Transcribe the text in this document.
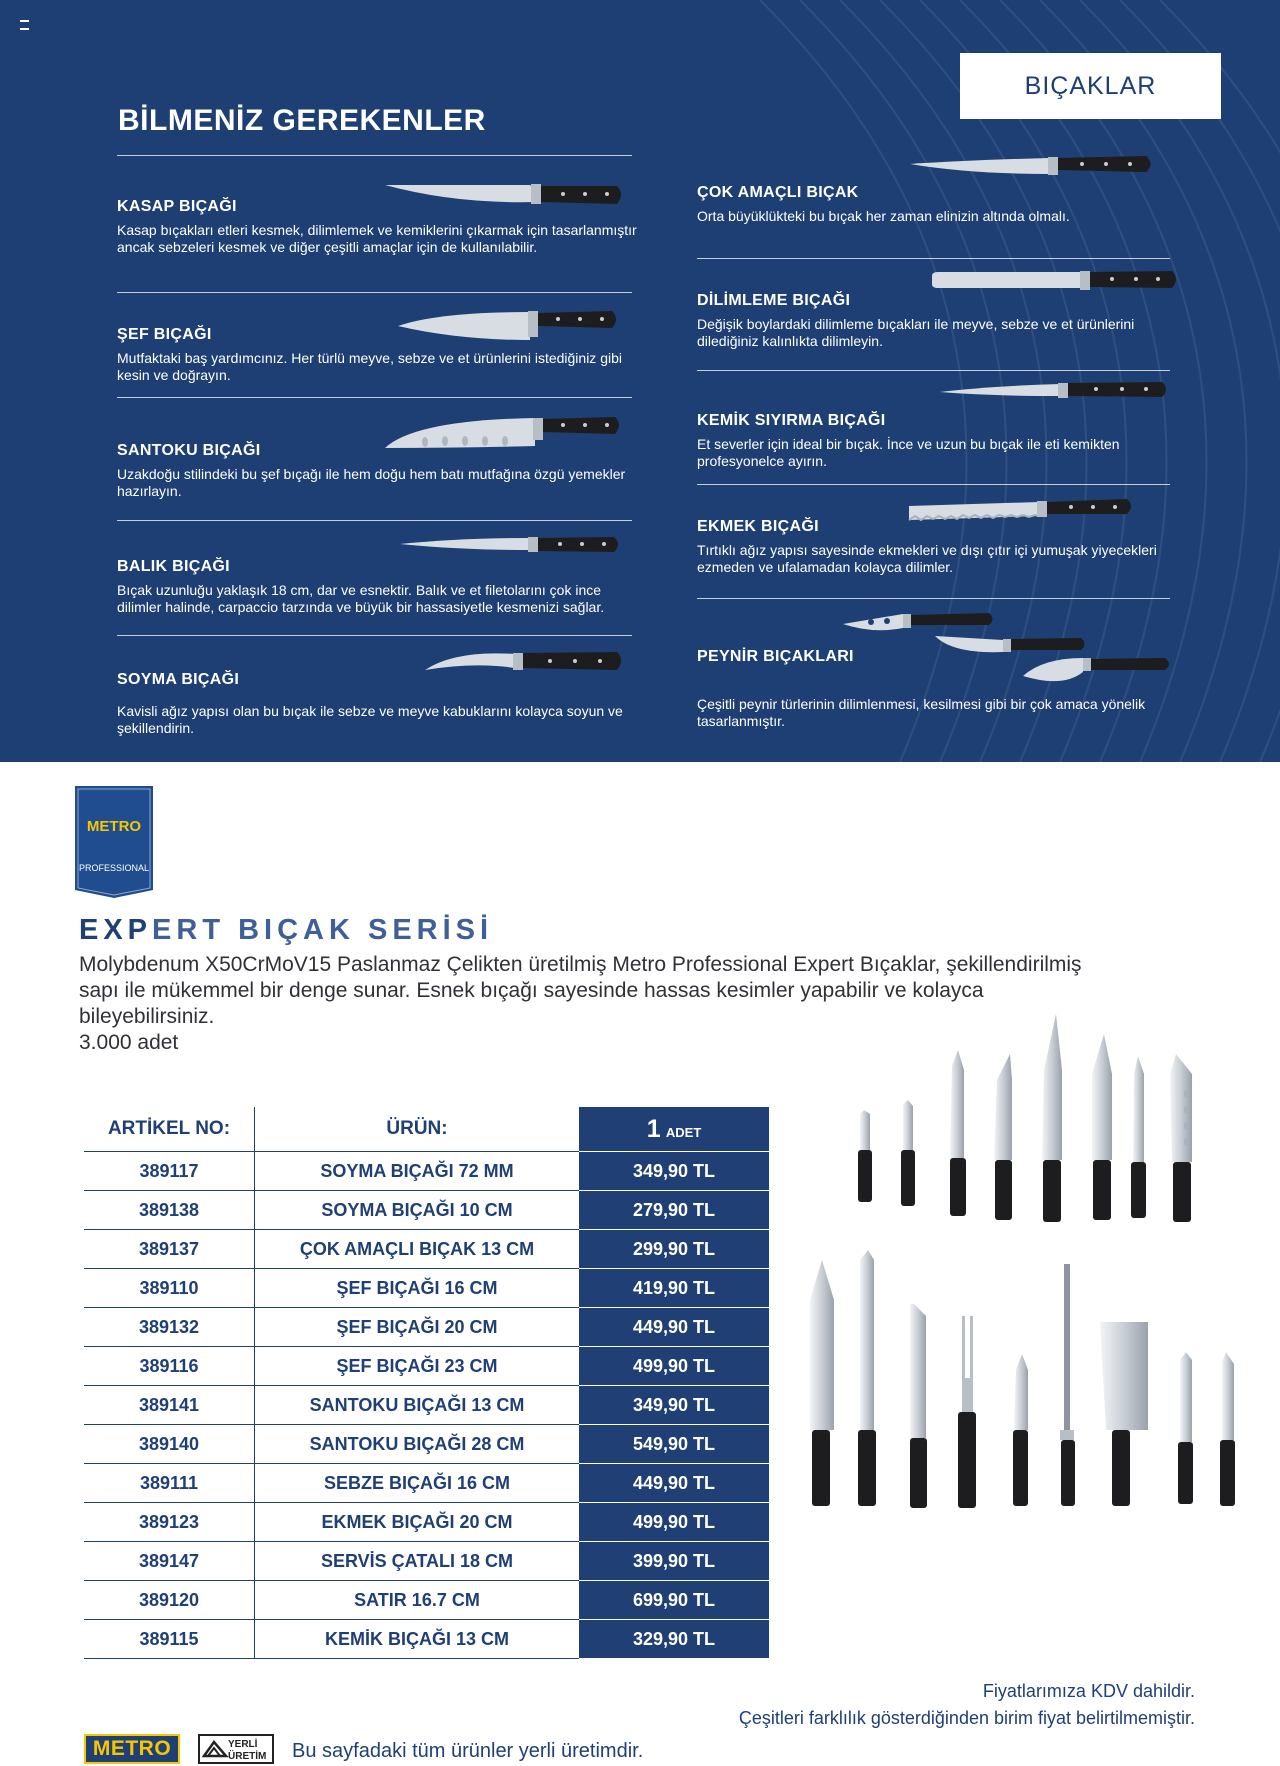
BIÇAKLAR
BİLMENİZ GEREKENLER
KASAP BIÇAĞI
Kasap bıçakları etleri kesmek, dilimlemek ve kemiklerini çıkarmak için tasarlanmıştır ancak sebzeleri kesmek ve diğer çeşitli amaçlar için de kullanılabilir.
ŞEF BIÇAĞI
Mutfaktaki baş yardımcınız. Her türlü meyve, sebze ve et ürünlerini istediğiniz gibi kesin ve doğrayın.
SANTOKU BIÇAĞI
Uzakdoğu stilindeki bu şef bıçağı ile hem doğu hem batı mutfağına özgü yemekler hazırlayın.
BALIK BIÇAĞI
Bıçak uzunluğu yaklaşık 18 cm, dar ve esnektir. Balık ve et filetolarını çok ince dilimler halinde, carpaccio tarzında ve büyük bir hassasiyetle kesmenizi sağlar.
SOYMA BIÇAĞI
Kavisli ağız yapısı olan bu bıçak ile sebze ve meyve kabuklarını kolayca soyun ve şekillendirin.
ÇOK AMAÇLI BIÇAK
Orta büyüklükteki bu bıçak her zaman elinizin altında olmalı.
DİLİMLEME BIÇAĞI
Değişik boylardaki dilimleme bıçakları ile meyve, sebze ve et ürünlerini dilediğiniz kalınlıkta dilimleyin.
KEMİK SIYIRMA BIÇAĞI
Et severler için ideal bir bıçak. İnce ve uzun bu bıçak ile eti kemikten profesyonelce ayırın.
EKMEK BIÇAĞI
Tırtıklı ağız yapısı sayesinde ekmekleri ve dışı çıtır içi yumuşak yiyecekleri ezmeden ve ufalamadan kolayca dilimler.
PEYNİR BIÇAKLARI
Çeşitli peynir türlerinin dilimlenmesi, kesilmesi gibi bir çok amaca yönelik tasarlanmıştır.
METRO
PROFESSIONAL
EXPERT BIÇAK SERİSİ
Molybdenum X50CrMoV15 Paslanmaz Çelikten üretilmiş Metro Professional Expert Bıçaklar, şekillendirilmiş sapı ile mükemmel bir denge sunar. Esnek bıçağı sayesinde hassas kesimler yapabilir ve kolayca bileyebilirsiniz.
3.000 adet
ARTİKEL NO:	ÜRÜN:	1 ADET
389117	SOYMA BIÇAĞI 72 MM	349,90 TL
389138	SOYMA BIÇAĞI 10 CM	279,90 TL
389137	ÇOK AMAÇLI BIÇAK 13 CM	299,90 TL
389110	ŞEF BIÇAĞI 16 CM	419,90 TL
389132	ŞEF BIÇAĞI 20 CM	449,90 TL
389116	ŞEF BIÇAĞI 23 CM	499,90 TL
389141	SANTOKU BIÇAĞI 13 CM	349,90 TL
389140	SANTOKU BIÇAĞI 28 CM	549,90 TL
389111	SEBZE BIÇAĞI 16 CM	449,90 TL
389123	EKMEK BIÇAĞI 20 CM	499,90 TL
389147	SERVİS ÇATALI 18 CM	399,90 TL
389120	SATIR 16.7 CM	699,90 TL
389115	KEMİK BIÇAĞI 13 CM	329,90 TL
Fiyatlarımıza KDV dahildir.
Çeşitleri farklılık gösterdiğinden birim fiyat belirtilmemiştir.
METRO	YERLİ
ÜRETİM Bu sayfadaki tüm ürünler yerli üretimdir.
